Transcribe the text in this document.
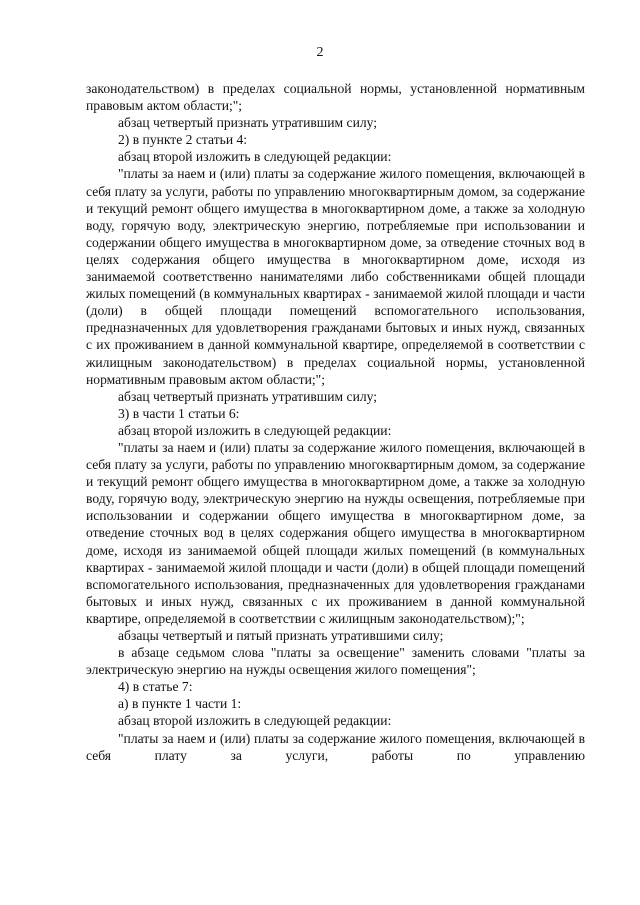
2

законодательством) в пределах социальной нормы, установленной нормативным правовым актом области;";

абзац четвертый признать утратившим силу;

2) в пункте 2 статьи 4:

абзац второй изложить в следующей редакции:

"платы за наем и (или) платы за содержание жилого помещения, включающей в себя плату за услуги, работы по управлению многоквартирным домом, за содержание и текущий ремонт общего имущества в многоквартирном доме, а также за холодную воду, горячую воду, электрическую энергию, потребляемые при использовании и содержании общего имущества в многоквартирном доме, за отведение сточных вод в целях содержания общего имущества в многоквартирном доме, исходя из занимаемой соответственно нанимателями либо собственниками общей площади жилых помещений (в коммунальных квартирах - занимаемой жилой площади и части (доли) в общей площади помещений вспомогательного использования, предназначенных для удовлетворения гражданами бытовых и иных нужд, связанных с их проживанием в данной коммунальной квартире, определяемой в соответствии с жилищным законодательством) в пределах социальной нормы, установленной нормативным правовым актом области;";

абзац четвертый признать утратившим силу;

3) в части 1 статьи 6:

абзац второй изложить в следующей редакции:

"платы за наем и (или) платы за содержание жилого помещения, включающей в себя плату за услуги, работы по управлению многоквартирным домом, за содержание и текущий ремонт общего имущества в многоквартирном доме, а также за холодную воду, горячую воду, электрическую энергию на нужды освещения, потребляемые при использовании и содержании общего имущества в многоквартирном доме, за отведение сточных вод в целях содержания общего имущества в многоквартирном доме, исходя из занимаемой общей площади жилых помещений (в коммунальных квартирах - занимаемой жилой площади и части (доли) в общей площади помещений вспомогательного использования, предназначенных для удовлетворения гражданами бытовых и иных нужд, связанных с их проживанием в данной коммунальной квартире, определяемой в соответствии с жилищным законодательством);";

абзацы четвертый и пятый признать утратившими силу;

в абзаце седьмом слова "платы за освещение" заменить словами "платы за электрическую энергию на нужды освещения жилого помещения";

4) в статье 7:

а) в пункте 1 части 1:

абзац второй изложить в следующей редакции:

"платы за наем и (или) платы за содержание жилого помещения, включающей в себя плату за услуги, работы по управлению
